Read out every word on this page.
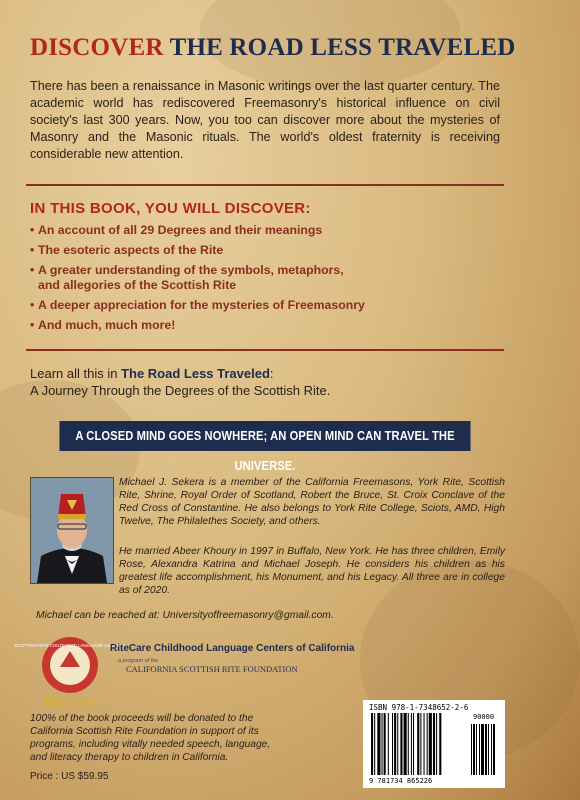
DISCOVER THE ROAD LESS TRAVELED

There has been a renaissance in Masonic writings over the last quarter century. The academic world has rediscovered Freemasonry's historical influence on civil society's last 300 years. Now, you too can discover more about the mysteries of Masonry and the Masonic rituals. The world's oldest fraternity is receiving considerable new attention.

IN THIS BOOK, YOU WILL DISCOVER:
• An account of all 29 Degrees and their meanings
• The esoteric aspects of the Rite
• A greater understanding of the symbols, metaphors, and allegories of the Scottish Rite
• A deeper appreciation for the mysteries of Freemasonry
• And much, much more!

Learn all this in The Road Less Traveled:
A Journey Through the Degrees of the Scottish Rite.

A CLOSED MIND GOES NOWHERE; AN OPEN MIND CAN TRAVEL THE UNIVERSE.

Michael J. Sekera is a member of the California Freemasons, York Rite, Scottish Rite, Shrine, Royal Order of Scotland, Robert the Bruce, St. Croix Conclave of the Red Cross of Constantine. He also belongs to York Rite College, Sciots, AMD, High Twelve, The Philalethes Society, and others.

He married Abeer Khoury in 1997 in Buffalo, New York. He has three children, Emily Rose, Alexandra Katrina and Michael Joseph. He considers his children as his greatest life accomplishment, his Monument, and his Legacy. All three are in college as of 2020.

Michael can be reached at: Universityoffreemasonry@gmail.com.

SCOTTISH RITE CHILDHOOD LANGUAGE CENTERS
Rite Care

RiteCare Childhood Language Centers of California

a program of the
CALIFORNIA SCOTTISH RITE FOUNDATION

100% of the book proceeds will be donated to the California Scottish Rite Foundation in support of its programs, including vitally needed speech, language, and literacy therapy to children in California.

Price : US $59.95

ISBN 978-1-7348652-2-6
90000
9 781734 865226
